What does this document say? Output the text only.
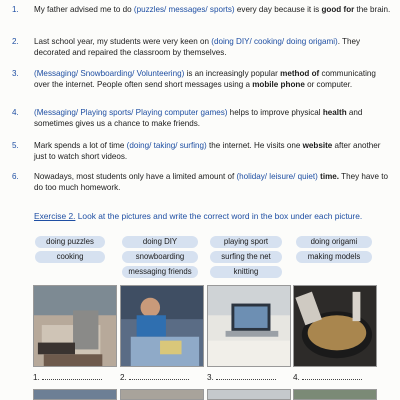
1.	My father advised me to do (puzzles/ messages/ sports) every day because it is good for the brain.
2.	Last school year, my students were very keen on (doing DIY/ cooking/ doing origami). They decorated and repaired the classroom by themselves.
3.	(Messaging/ Snowboarding/ Volunteering) is an increasingly popular method of communicating over the internet. People often send short messages using a mobile phone or computer.
4.	(Messaging/ Playing sports/ Playing computer games) helps to improve physical health and sometimes gives us a chance to make friends.
5.	Mark spends a lot of time (doing/ taking/ surfing) the internet. He visits one website after another just to watch short videos.
6.	Nowadays, most students only have a limited amount of (holiday/ leisure/ quiet) time. They have to do too much homework.
Exercise 2. Look at the pictures and write the correct word in the box under each picture.
doing puzzles	doing DIY	playing sport	doing origami
cooking	snowboarding	surfing the net	making models
messaging friends	knitting
1.	2.	3.	4.
